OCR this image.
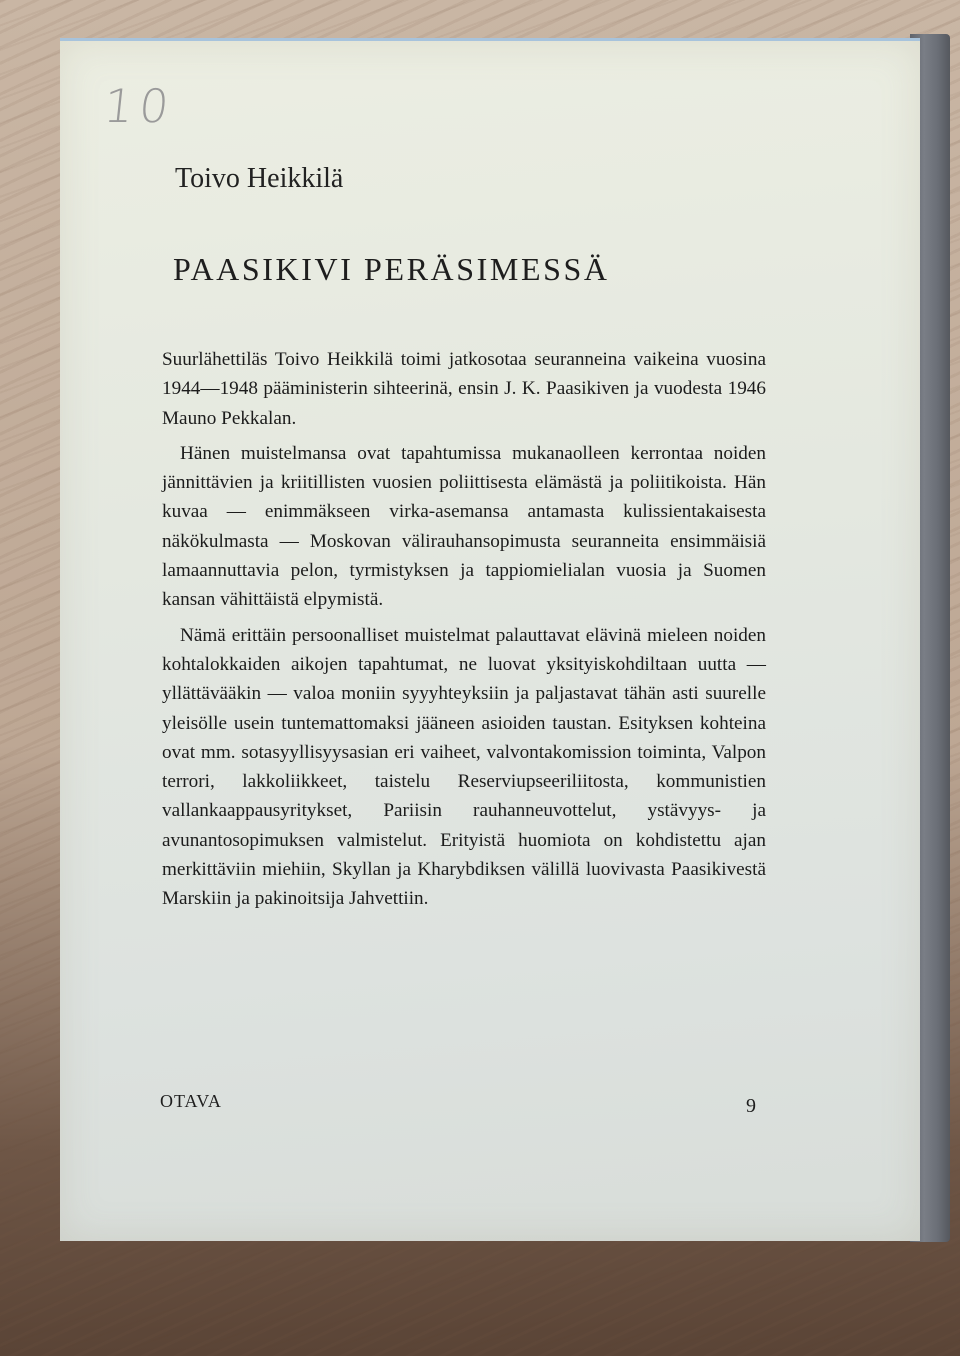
10
Toivo Heikkilä
PAASIKIVI PERÄSIMESSÄ

Suurlähettiläs Toivo Heikkilä toimi jatkosotaa seuranneina vaikeina vuosina 1944—1948 pääministerin sihteerinä, ensin J. K. Paasikiven ja vuodesta 1946 Mauno Pekkalan.

Hänen muistelmansa ovat tapahtumissa mukanaolleen kerrontaa noiden jännittävien ja kriitillisten vuosien poliittisesta elämästä ja poliitikoista. Hän kuvaa — enimmäkseen virka-asemansa antamasta kulissientakaisesta näkökulmasta — Moskovan välirauhansopimusta seuranneita ensimmäisiä lamaannuttavia pelon, tyrmistyksen ja tappiomielialan vuosia ja Suomen kansan vähittäistä elpymistä.

Nämä erittäin persoonalliset muistelmat palauttavat elävinä mieleen noiden kohtalokkaiden aikojen tapahtumat, ne luovat yksityiskohdiltaan uutta — yllättävääkin — valoa moniin syyyhteyksiin ja paljastavat tähän asti suurelle yleisölle usein tuntemattomaksi jääneen asioiden taustan. Esityksen kohteina ovat mm. sotasyyllisyysasian eri vaiheet, valvontakomission toiminta, Valpon terrori, lakkoliikkeet, taistelu Reserviupseeriliitosta, kommunistien vallankaappausyritykset, Pariisin rauhanneuvottelut, ystävyys- ja avunantosopimuksen valmistelut. Erityistä huomiota on kohdistettu ajan merkittäviin miehiin, Skyllan ja Kharybdiksen välillä luovivasta Paasikivestä Marskiin ja pakinoitsija Jahvettiin.

OTAVA	9
